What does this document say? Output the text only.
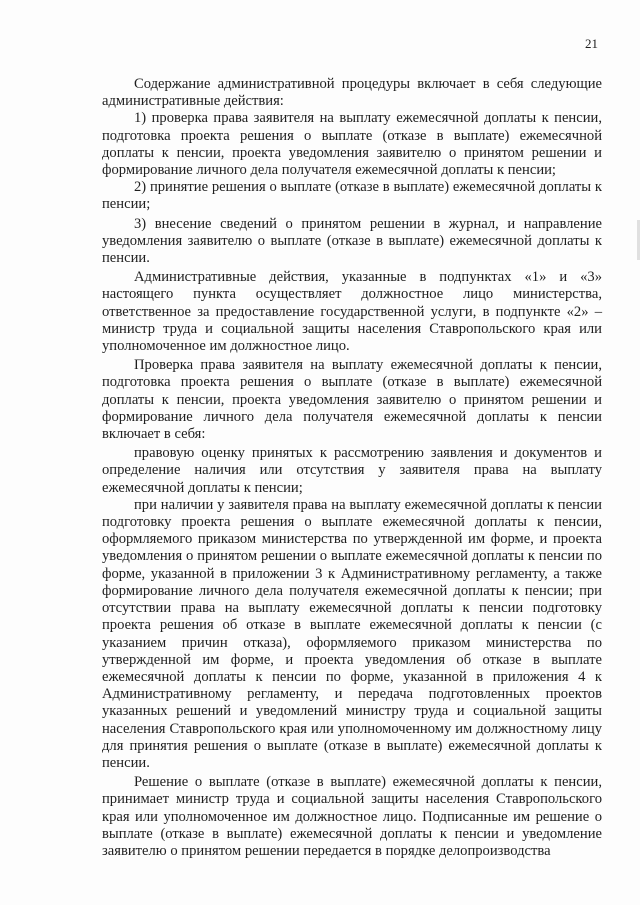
21

Содержание административной процедуры включает в себя следующие административные действия:

1) проверка права заявителя на выплату ежемесячной доплаты к пенсии, подготовка проекта решения о выплате (отказе в выплате) ежемесячной доплаты к пенсии, проекта уведомления заявителю о принятом решении и формирование личного дела получателя ежемесячной доплаты к пенсии;

2) принятие решения о выплате (отказе в выплате) ежемесячной доплаты к пенсии;

3) внесение сведений о принятом решении в журнал, и направление уведомления заявителю о выплате (отказе в выплате) ежемесячной доплаты к пенсии.

Административные действия, указанные в подпунктах «1» и «3» настоящего пункта осуществляет должностное лицо министерства, ответственное за предоставление государственной услуги, в подпункте «2» – министр труда и социальной защиты населения Ставропольского края или уполномоченное им должностное лицо.

Проверка права заявителя на выплату ежемесячной доплаты к пенсии, подготовка проекта решения о выплате (отказе в выплате) ежемесячной доплаты к пенсии, проекта уведомления заявителю о принятом решении и формирование личного дела получателя ежемесячной доплаты к пенсии включает в себя:

правовую оценку принятых к рассмотрению заявления и документов и определение наличия или отсутствия у заявителя права на выплату ежемесячной доплаты к пенсии;

при наличии у заявителя права на выплату ежемесячной доплаты к пенсии подготовку проекта решения о выплате ежемесячной доплаты к пенсии, оформляемого приказом министерства по утвержденной им форме, и проекта уведомления о принятом решении о выплате ежемесячной доплаты к пенсии по форме, указанной в приложении 3 к Административному регламенту, а также формирование личного дела получателя ежемесячной доплаты к пенсии; при отсутствии права на выплату ежемесячной доплаты к пенсии подготовку проекта решения об отказе в выплате ежемесячной доплаты к пенсии (с указанием причин отказа), оформляемого приказом министерства по утвержденной им форме, и проекта уведомления об отказе в выплате ежемесячной доплаты к пенсии по форме, указанной в приложения 4 к Административному регламенту, и передача подготовленных проектов указанных решений и уведомлений министру труда и социальной защиты населения Ставропольского края или уполномоченному им должностному лицу для принятия решения о выплате (отказе в выплате) ежемесячной доплаты к пенсии.

Решение о выплате (отказе в выплате) ежемесячной доплаты к пенсии, принимает министр труда и социальной защиты населения Ставропольского края или уполномоченное им должностное лицо. Подписанные им решение о выплате (отказе в выплате) ежемесячной доплаты к пенсии и уведомление заявителю о принятом решении передается в порядке делопроизводства
